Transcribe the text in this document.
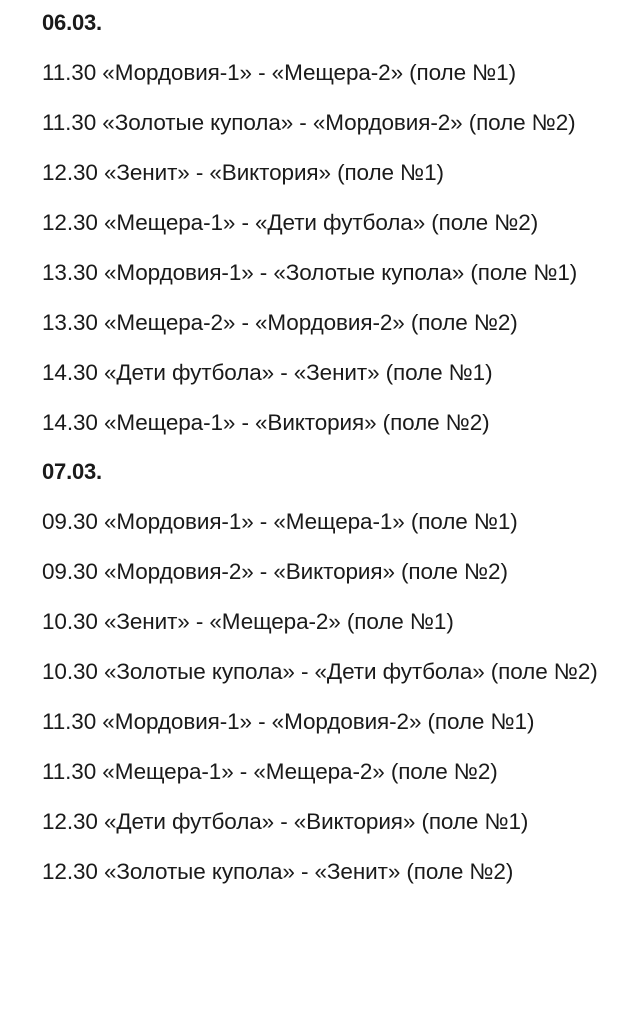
06.03.

11.30 «Мордовия-1» - «Мещера-2» (поле №1)

11.30 «Золотые купола» - «Мордовия-2» (поле №2)

12.30 «Зенит» - «Виктория» (поле №1)

12.30 «Мещера-1» - «Дети футбола» (поле №2)

13.30 «Мордовия-1» - «Золотые купола» (поле №1)

13.30 «Мещера-2» - «Мордовия-2» (поле №2)

14.30 «Дети футбола» - «Зенит» (поле №1)

14.30 «Мещера-1» - «Виктория» (поле №2)

07.03.

09.30 «Мордовия-1» - «Мещера-1» (поле №1)

09.30 «Мордовия-2» - «Виктория» (поле №2)

10.30 «Зенит» - «Мещера-2» (поле №1)

10.30 «Золотые купола» - «Дети футбола» (поле №2)

11.30 «Мордовия-1» - «Мордовия-2» (поле №1)

11.30 «Мещера-1» - «Мещера-2» (поле №2)

12.30 «Дети футбола» - «Виктория» (поле №1)

12.30 «Золотые купола» - «Зенит» (поле №2)
